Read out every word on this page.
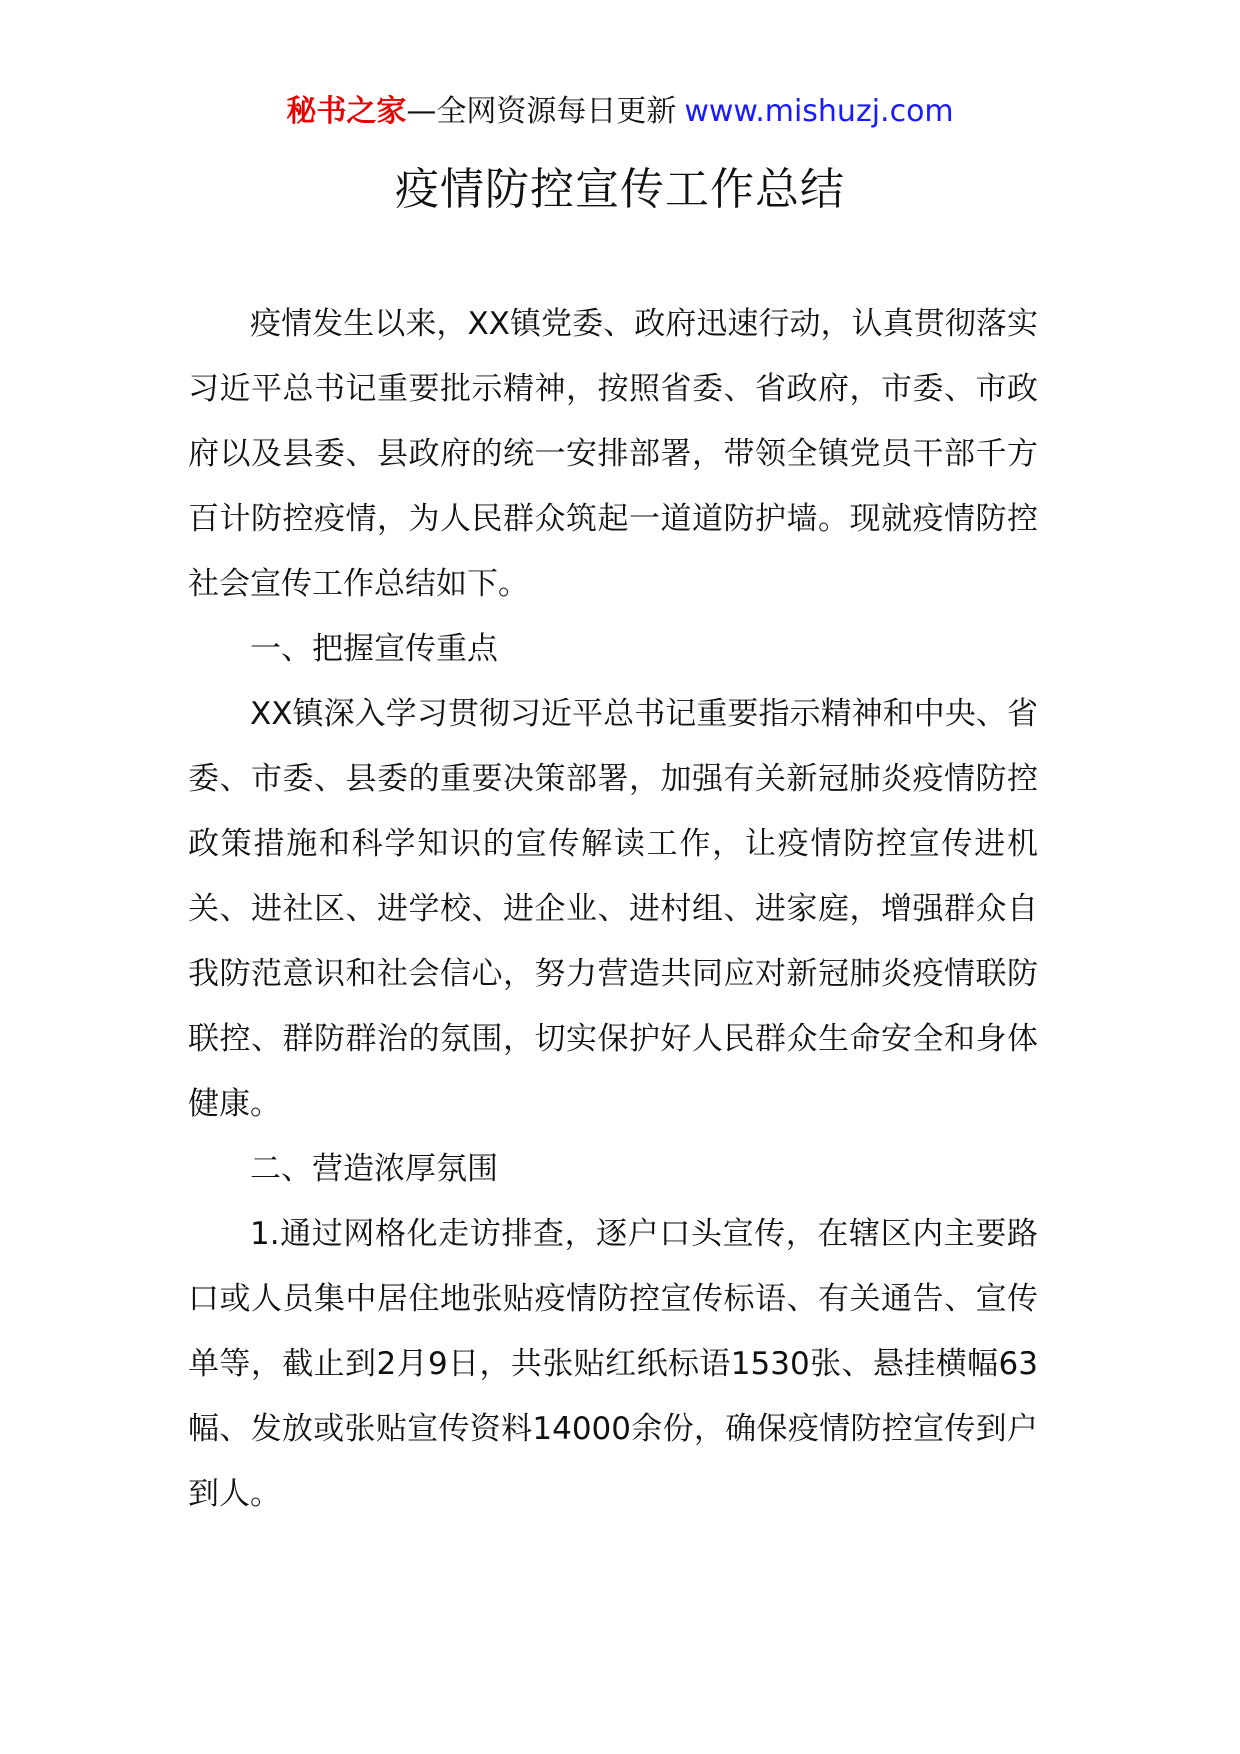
秘书之家—全网资源每日更新 www.mishuzj.com
疫情防控宣传工作总结

疫情发生以来，XX镇党委、政府迅速行动，认真贯彻落实习近平总书记重要批示精神，按照省委、省政府，市委、市政府以及县委、县政府的统一安排部署，带领全镇党员干部千方百计防控疫情，为人民群众筑起一道道防护墙。现就疫情防控社会宣传工作总结如下。

一、把握宣传重点

XX镇深入学习贯彻习近平总书记重要指示精神和中央、省委、市委、县委的重要决策部署，加强有关新冠肺炎疫情防控政策措施和科学知识的宣传解读工作，让疫情防控宣传进机关、进社区、进学校、进企业、进村组、进家庭，增强群众自我防范意识和社会信心，努力营造共同应对新冠肺炎疫情联防联控、群防群治的氛围，切实保护好人民群众生命安全和身体健康。

二、营造浓厚氛围

1.通过网格化走访排查，逐户口头宣传，在辖区内主要路口或人员集中居住地张贴疫情防控宣传标语、有关通告、宣传单等，截止到2月9日，共张贴红纸标语1530张、悬挂横幅63幅、发放或张贴宣传资料14000余份，确保疫情防控宣传到户到人。
